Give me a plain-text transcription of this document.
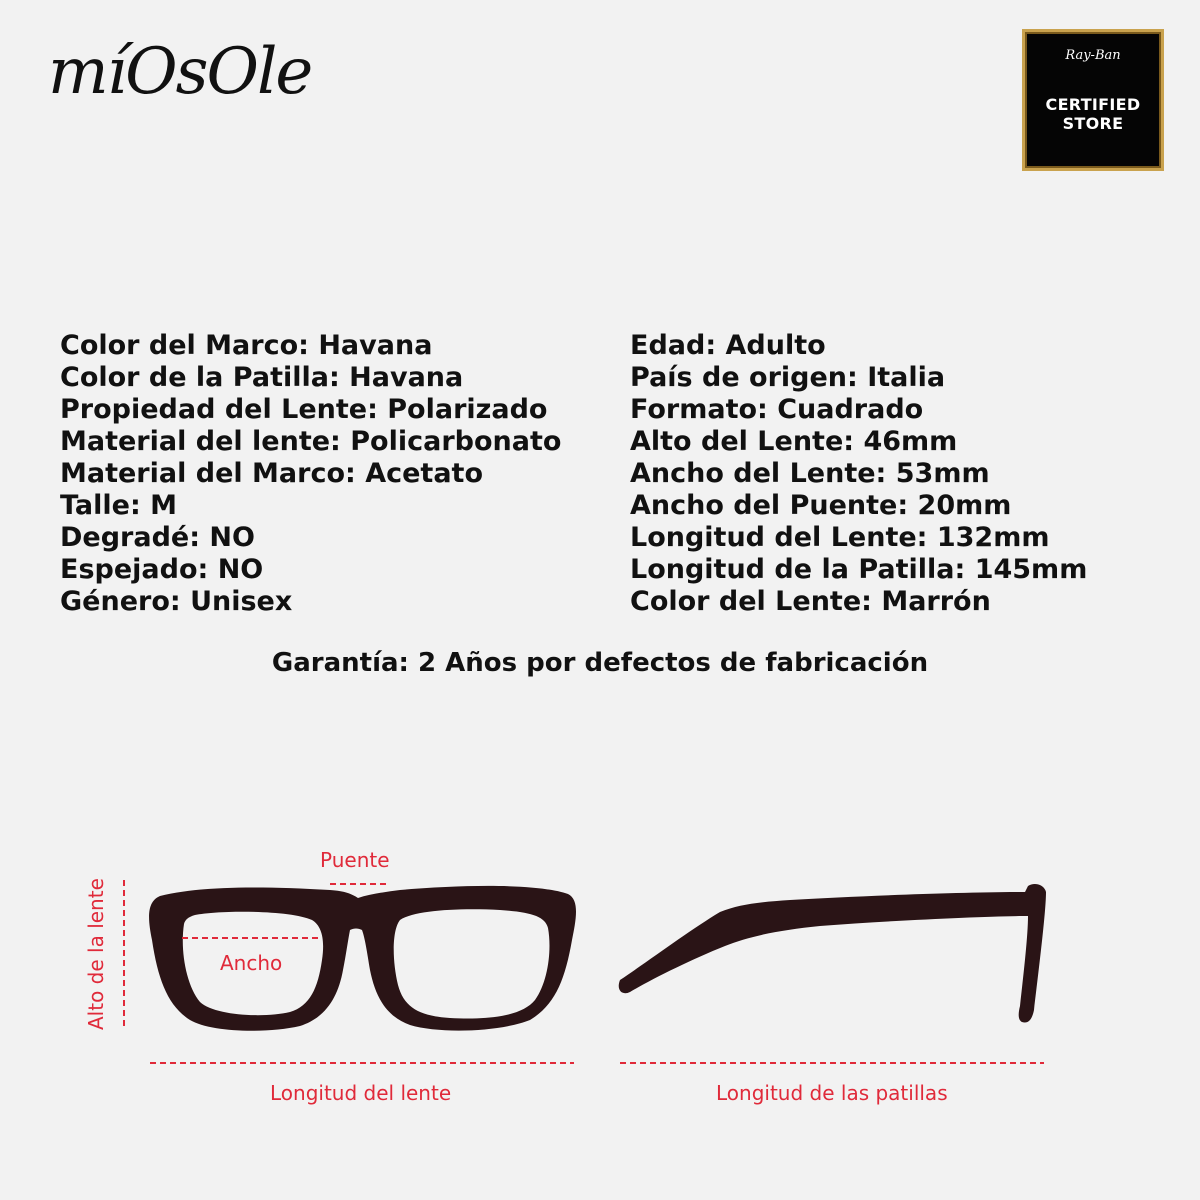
míOsOle	Ray-Ban
CERTIFIED
STORE
Color del Marco: Havana
Color de la Patilla: Havana
Propiedad del Lente: Polarizado
Material del lente: Policarbonato
Material del Marco: Acetato
Talle: M
Degradé: NO
Espejado: NO
Género: Unisex
Edad: Adulto
País de origen: Italia
Formato: Cuadrado
Alto del Lente: 46mm
Ancho del Lente: 53mm
Ancho del Puente: 20mm
Longitud del Lente: 132mm
Longitud de la Patilla: 145mm
Color del Lente: Marrón
Garantía: 2 Años por defectos de fabricación
Puente
Ancho
Alto de la lente
Longitud del lente	Longitud de las patillas
